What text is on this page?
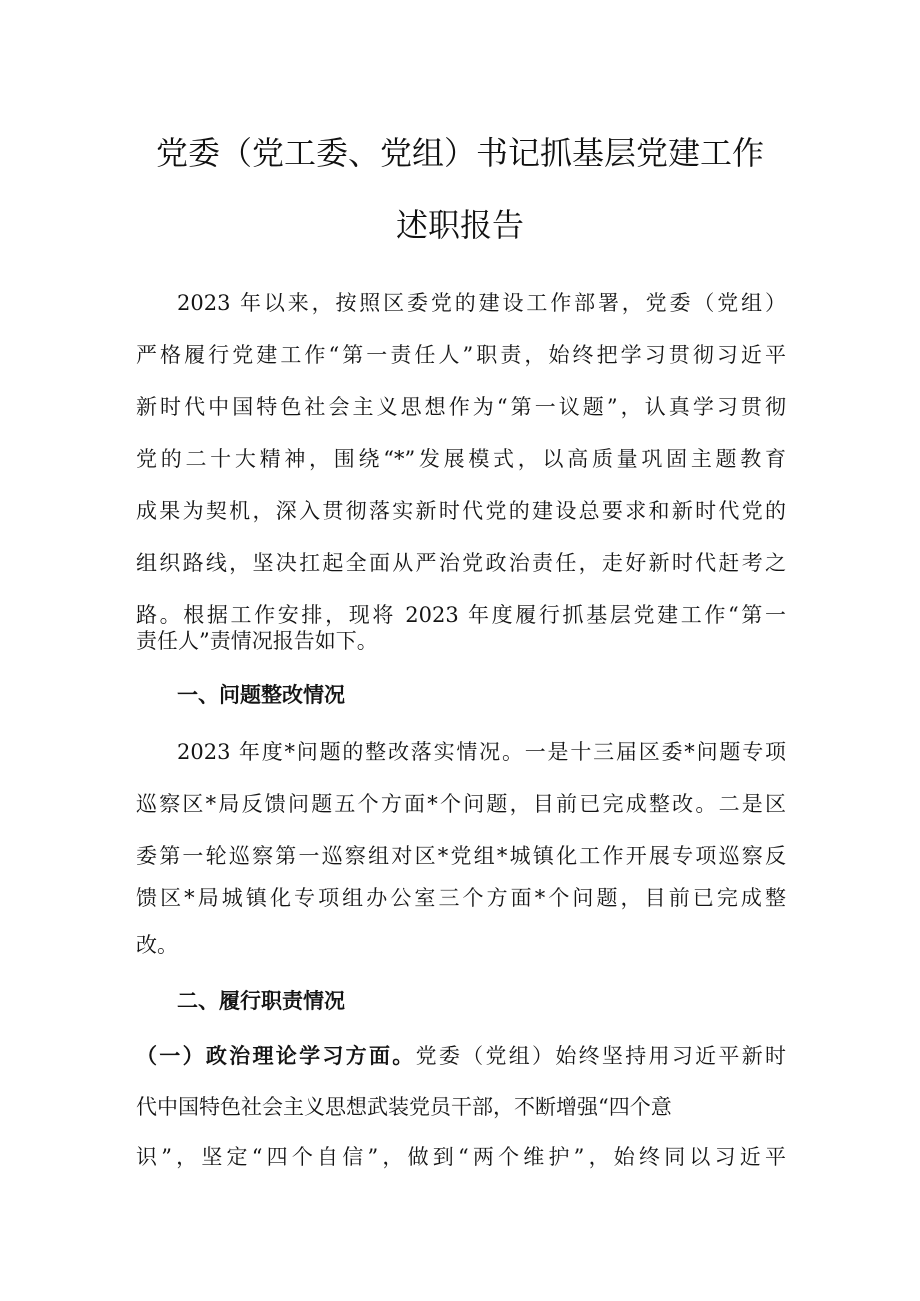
党委（党工委、党组）书记抓基层党建工作
述职报告
2023 年以来，按照区委党的建设工作部署，党委（党组）
严格履行党建工作“第一责任人”职责，始终把学习贯彻习近平
新时代中国特色社会主义思想作为“第一议题”，认真学习贯彻
党的二十大精神，围绕“*”发展模式，以高质量巩固主题教育
成果为契机，深入贯彻落实新时代党的建设总要求和新时代党的
组织路线，坚决扛起全面从严治党政治责任，走好新时代赶考之
路。根据工作安排，现将 2023 年度履行抓基层党建工作“第一
责任人”责情况报告如下。
一、问题整改情况
2023 年度*问题的整改落实情况。一是十三届区委*问题专项
巡察区*局反馈问题五个方面*个问题，目前已完成整改。二是区
委第一轮巡察第一巡察组对区*党组*城镇化工作开展专项巡察反
馈区*局城镇化专项组办公室三个方面*个问题，目前已完成整
改。
二、履行职责情况
（一）政治理论学习方面。党委（党组）始终坚持用习近平新时
代中国特色社会主义思想武装党员干部，不断增强“四个意
识”，坚定“四个自信”，做到“两个维护”，始终同以习近平
